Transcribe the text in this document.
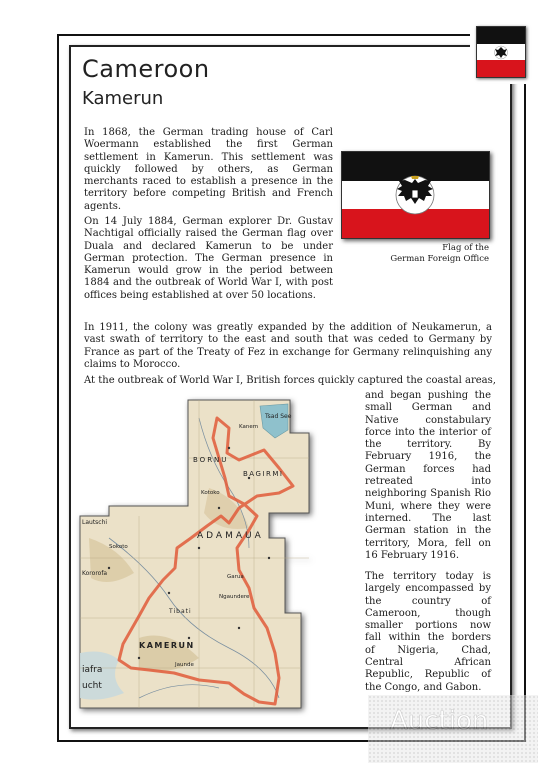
Cameroon
Kamerun
In 1868, the German trading house of Carl Woermann established the first German settlement in Kamerun. This settlement was quickly followed by others, as German merchants raced to establish a presence in the territory before competing British and French agents.
On 14 July 1884, German explorer Dr. Gustav Nachtigal officially raised the German flag over Duala and declared Kamerun to be under German protection. The German presence in Kamerun would grow in the period between 1884 and the outbreak of World War I, with post offices being established at over 50 locations.
In 1911, the colony was greatly expanded by the addition of Neukamerun, a vast swath of territory to the east and south that was ceded to Germany by France as part of the Treaty of Fez in exchange for Germany relinquishing any claims to Morocco.
At the outbreak of World War I, British forces quickly captured the coastal areas,
and began pushing the small German and Native constabulary force into the interior of the territory. By February 1916, the German forces had retreated into neighboring Spanish Rio Muni, where they were interned. The last German station in the territory, Mora, fell on 16 February 1916.
The territory today is largely encompassed by the country of Cameroon, though smaller portions now fall within the borders of Nigeria, Chad, Central African Republic, Republic of the Congo, and Gabon.
Flag of the
German Foreign Office
Tsad See
BORNU
BAGIRMI
ADAMAUA
Lautschi
Kororofa
Sokoto
Kanem
Kotoko
Tibati
Ngaundere
Garua
KAMERUN
Jaunde
iafra
ucht
Auction
